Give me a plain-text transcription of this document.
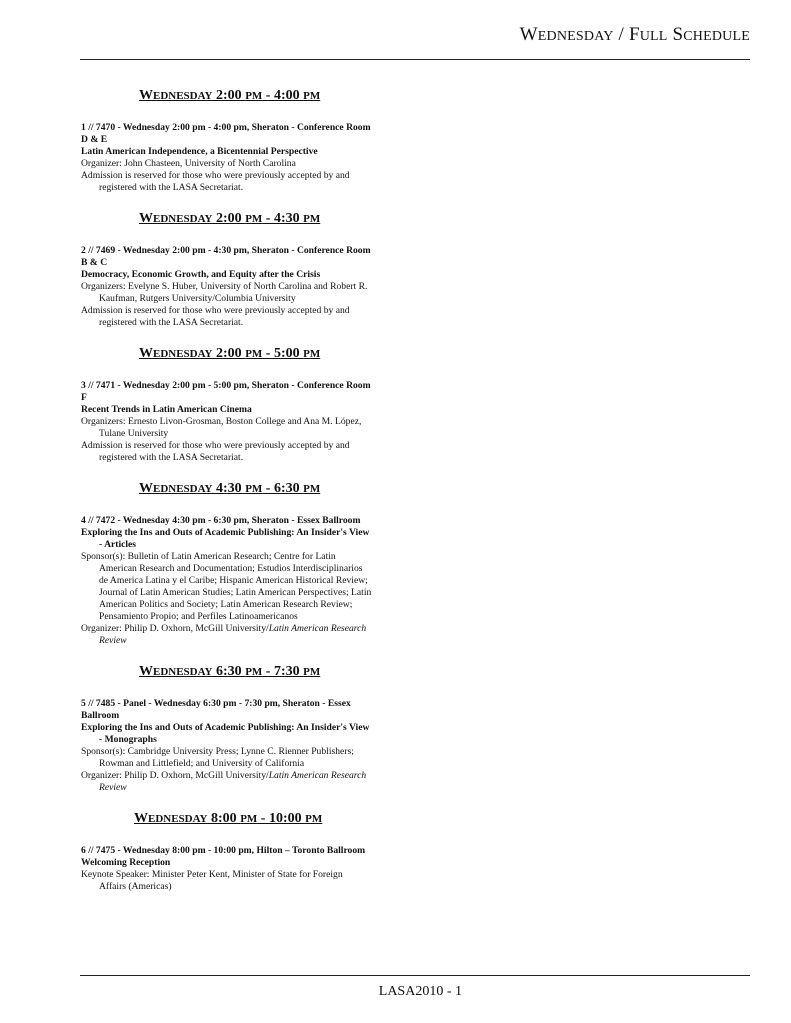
WEDNESDAY / FULL SCHEDULE
WEDNESDAY 2:00 PM - 4:00 PM
1 // 7470 - Wednesday 2:00 pm - 4:00 pm, Sheraton - Conference Room
D & E
Latin American Independence, a Bicentennial Perspective
Organizer: John Chasteen, University of North Carolina
Admission is reserved for those who were previously accepted by and
registered with the LASA Secretariat.
WEDNESDAY 2:00 PM - 4:30 PM
2 // 7469 - Wednesday 2:00 pm - 4:30 pm, Sheraton - Conference Room
B & C
Democracy, Economic Growth, and Equity after the Crisis
Organizers: Evelyne S. Huber, University of North Carolina and Robert R.
Kaufman, Rutgers University/Columbia University
Admission is reserved for those who were previously accepted by and
registered with the LASA Secretariat.
WEDNESDAY 2:00 PM - 5:00 PM
3 // 7471 - Wednesday 2:00 pm - 5:00 pm, Sheraton - Conference Room
F
Recent Trends in Latin American Cinema
Organizers: Ernesto Livon-Grosman, Boston College and Ana M. López,
Tulane University
Admission is reserved for those who were previously accepted by and
registered with the LASA Secretariat.
WEDNESDAY 4:30 PM - 6:30 PM
4 // 7472 - Wednesday 4:30 pm - 6:30 pm, Sheraton - Essex Ballroom
Exploring the Ins and Outs of Academic Publishing: An Insider's View
- Articles
Sponsor(s): Bulletin of Latin American Research; Centre for Latin
American Research and Documentation; Estudios Interdisciplinarios
de America Latina y el Caribe; Hispanic American Historical Review;
Journal of Latin American Studies; Latin American Perspectives; Latin
American Politics and Society; Latin American Research Review;
Pensamiento Propio; and Perfiles Latinoamericanos
Organizer: Philip D. Oxhorn, McGill University/Latin American Research
Review
WEDNESDAY 6:30 PM - 7:30 PM
5 // 7485 - Panel - Wednesday 6:30 pm - 7:30 pm, Sheraton - Essex
Ballroom
Exploring the Ins and Outs of Academic Publishing: An Insider's View
- Monographs
Sponsor(s): Cambridge University Press; Lynne C. Rienner Publishers;
Rowman and Littlefield; and University of California
Organizer: Philip D. Oxhorn, McGill University/Latin American Research
Review
WEDNESDAY 8:00 PM - 10:00 PM
6 // 7475 - Wednesday 8:00 pm - 10:00 pm, Hilton – Toronto Ballroom
Welcoming Reception
Keynote Speaker: Minister Peter Kent, Minister of State for Foreign
Affairs (Americas)
LASA2010 - 1
